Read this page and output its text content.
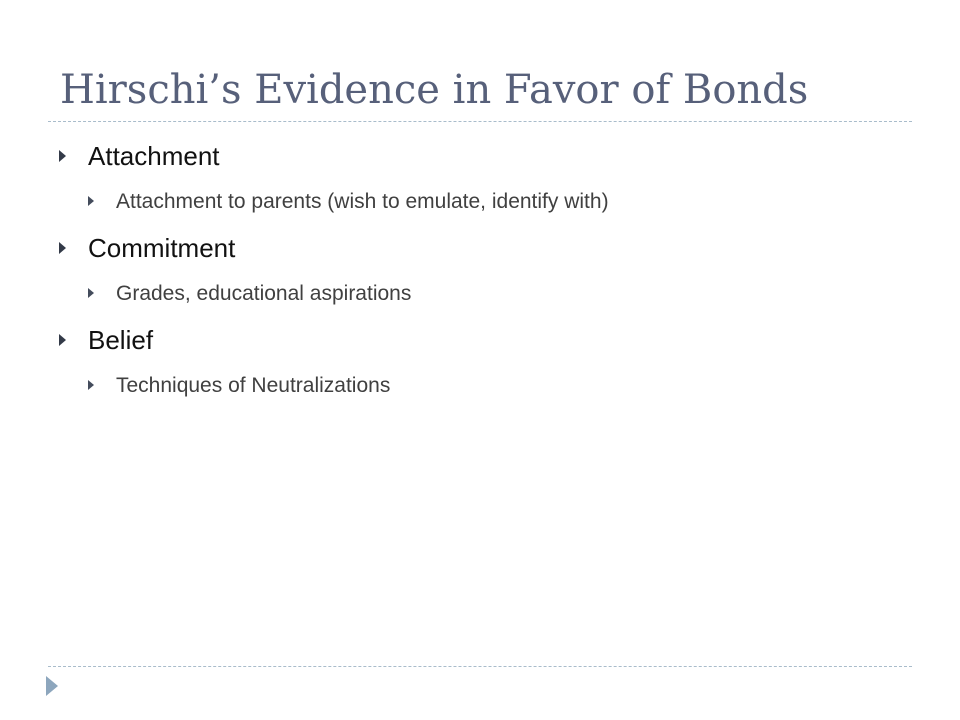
Hirschi’s Evidence in Favor of Bonds
Attachment
Attachment to parents (wish to emulate, identify with)
Commitment
Grades, educational aspirations
Belief
Techniques of Neutralizations
